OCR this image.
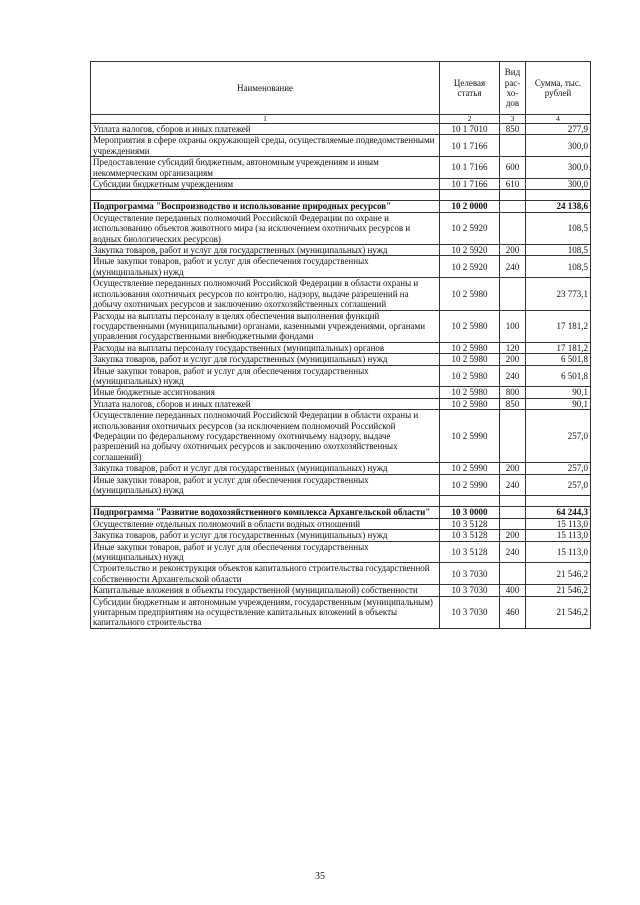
Наименование	Целевая статья	Вид рас-хо-дов	Сумма, тыс. рублей
1	2	3	4
Уплата налогов, сборов и иных платежей	10 1 7010	850	277,9
Мероприятия в сфере охраны окружающей среды, осуществляемые подведомственными учреждениями	10 1 7166		300,0
Предоставление субсидий бюджетным, автономным учреждениям и иным некоммерческим организациям	10 1 7166	600	300,0
Субсидии бюджетным учреждениям	10 1 7166	610	300,0

Подпрограмма "Воспроизводство и использование природных ресурсов"	10 2 0000		24 138,6
Осуществление переданных полномочий Российской Федерации по охране и использованию объектов животного мира (за исключением охотничьих ресурсов и водных биологических ресурсов)	10 2 5920		108,5
Закупка товаров, работ и услуг для государственных (муниципальных) нужд	10 2 5920	200	108,5
Иные закупки товаров, работ и услуг для обеспечения государственных (муниципальных) нужд	10 2 5920	240	108,5
Осуществление переданных полномочий Российской Федерации в области охраны и использования охотничьих ресурсов по контролю, надзору, выдаче разрешений на добычу охотничьих ресурсов и заключению охотхозяйственных соглашений	10 2 5980		23 773,1
Расходы на выплаты персоналу в целях обеспечения выполнения функций государственными (муниципальными) органами, казенными учреждениями, органами управления государственными внебюджетными фондами	10 2 5980	100	17 181,2
Расходы на выплаты персоналу государственных (муниципальных) органов	10 2 5980	120	17 181,2
Закупка товаров, работ и услуг для государственных (муниципальных) нужд	10 2 5980	200	6 501,8
Иные закупки товаров, работ и услуг для обеспечения государственных (муниципальных) нужд	10 2 5980	240	6 501,8
Иные бюджетные ассигнования	10 2 5980	800	90,1
Уплата налогов, сборов и иных платежей	10 2 5980	850	90,1
Осуществление переданных полномочий Российской Федерации в области охраны и использования охотничьих ресурсов (за исключением полномочий Российской Федерации по федеральному государственному охотничьему надзору, выдаче разрешений на добычу охотничьих ресурсов и заключению охотхозяйственных соглашений)	10 2 5990		257,0
Закупка товаров, работ и услуг для государственных (муниципальных) нужд	10 2 5990	200	257,0
Иные закупки товаров, работ и услуг для обеспечения государственных (муниципальных) нужд	10 2 5990	240	257,0

Подпрограмма "Развитие водохозяйственного комплекса Архангельской области"	10 3 0000		64 244,3
Осуществление отдельных полномочий в области водных отношений	10 3 5128		15 113,0
Закупка товаров, работ и услуг для государственных (муниципальных) нужд	10 3 5128	200	15 113,0
Иные закупки товаров, работ и услуг для обеспечения государственных (муниципальных) нужд	10 3 5128	240	15 113,0
Строительство и реконструкция объектов капитального строительства государственной собственности Архангельской области	10 3 7030		21 546,2
Капитальные вложения в объекты государственной (муниципальной) собственности	10 3 7030	400	21 546,2
Субсидии бюджетным и автономным учреждениям, государственным (муниципальным) унитарным предприятиям на осуществление капитальных вложений в объекты капитального строительства	10 3 7030	460	21 546,2
35
